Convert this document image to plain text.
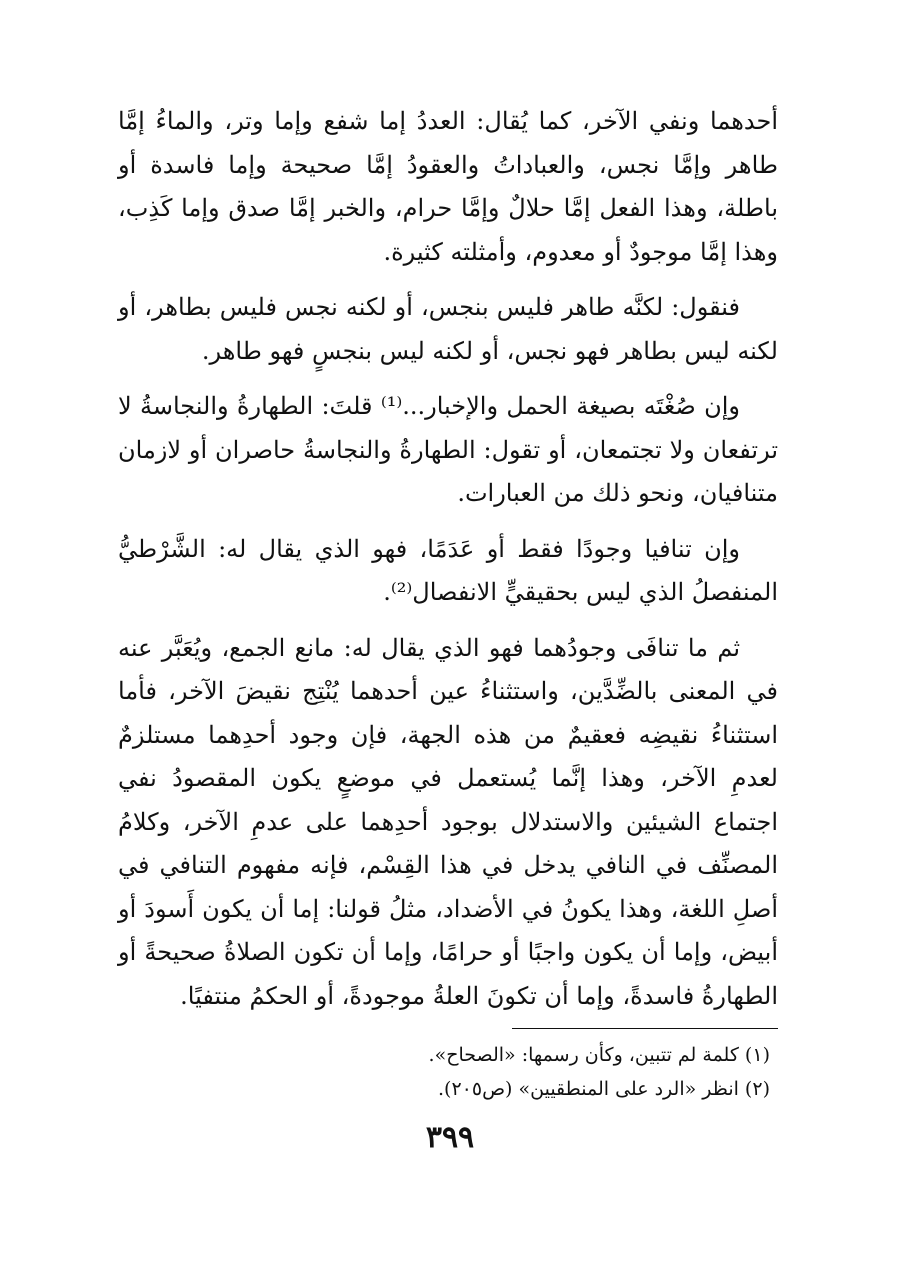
أحدهما ونفي الآخر، كما يُقال: العددُ إما شفع وإما وتر، والماءُ إمَّا طاهر وإمَّا نجس، والعباداتُ والعقودُ إمَّا صحيحة وإما فاسدة أو باطلة، وهذا الفعل إمَّا حلالٌ وإمَّا حرام، والخبر إمَّا صدق وإما كَذِب، وهذا إمَّا موجودٌ أو معدوم، وأمثلته كثيرة.

فنقول: لكنَّه طاهر فليس بنجس، أو لكنه نجس فليس بطاهر، أو لكنه ليس بطاهر فهو نجس، أو لكنه ليس بنجسٍ فهو طاهر.

وإن صُغْتَه بصيغة الحمل والإخبار...⁽¹⁾ قلتَ: الطهارةُ والنجاسةُ لا ترتفعان ولا تجتمعان، أو تقول: الطهارةُ والنجاسةُ حاصران أو لازمان متنافيان، ونحو ذلك من العبارات.

وإن تنافيا وجودًا فقط أو عَدَمًا، فهو الذي يقال له: الشَّرْطيُّ المنفصلُ الذي ليس بحقيقيٍّ الانفصال⁽²⁾.

ثم ما تنافَى وجودُهما فهو الذي يقال له: مانع الجمع، ويُعَبَّر عنه في المعنى بالضِّدَّين، واستثناءُ عين أحدهما يُنْتِج نقيضَ الآخر، فأما استثناءُ نقيضِه فعقيمٌ من هذه الجهة، فإن وجود أحدِهما مستلزمٌ لعدمِ الآخر، وهذا إنَّما يُستعمل في موضعٍ يكون المقصودُ نفي اجتماع الشيئين والاستدلال بوجود أحدِهما على عدمِ الآخر، وكلامُ المصنِّف في النافي يدخل في هذا القِسْم، فإنه مفهوم التنافي في أصلِ اللغة، وهذا يكونُ في الأضداد، مثلُ قولنا: إما أن يكون أَسودَ أو أبيض، وإما أن يكون واجبًا أو حرامًا، وإما أن تكون الصلاةُ صحيحةً أو الطهارةُ فاسدةً، وإما أن تكونَ العلةُ موجودةً، أو الحكمُ منتفيًا.

(١) كلمة لم تتبين، وكأن رسمها: «الصحاح».

(٢) انظر «الرد على المنطقيين» (ص٢٠٥).

٣٩٩
